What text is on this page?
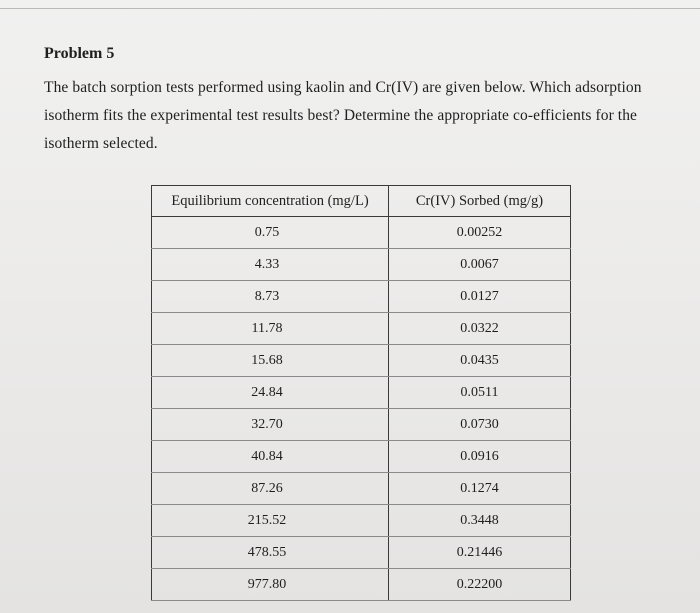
Problem 5

The batch sorption tests performed using kaolin and Cr(IV) are given below. Which adsorption isotherm fits the experimental test results best? Determine the appropriate co-efficients for the isotherm selected.

Equilibrium concentration (mg/L)	Cr(IV) Sorbed (mg/g)
0.75	0.00252
4.33	0.0067
8.73	0.0127
11.78	0.0322
15.68	0.0435
24.84	0.0511
32.70	0.0730
40.84	0.0916
87.26	0.1274
215.52	0.3448
478.55	0.21446
977.80	0.22200
